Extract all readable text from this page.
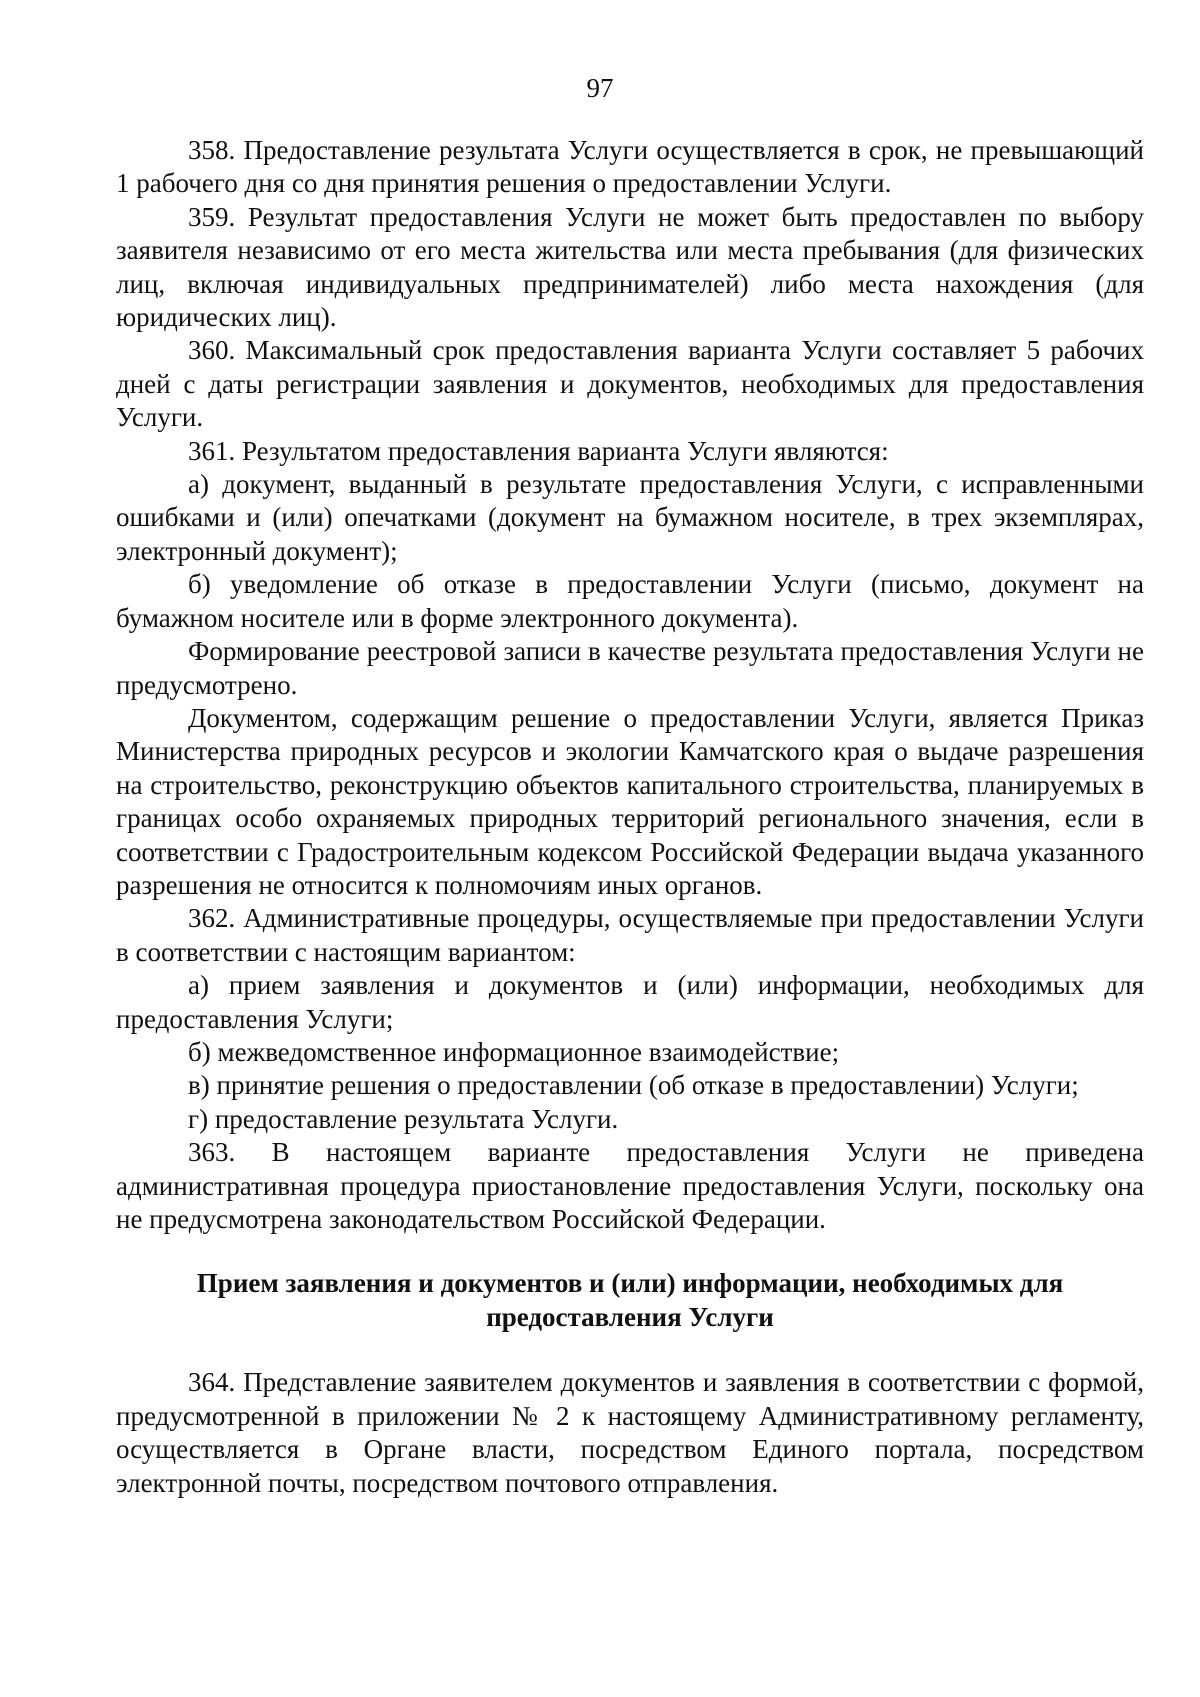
97

358. Предоставление результата Услуги осуществляется в срок, не превышающий 1 рабочего дня со дня принятия решения о предоставлении Услуги.

359. Результат предоставления Услуги не может быть предоставлен по выбору заявителя независимо от его места жительства или места пребывания (для физических лиц, включая индивидуальных предпринимателей) либо места нахождения (для юридических лиц).

360. Максимальный срок предоставления варианта Услуги составляет 5 рабочих дней с даты регистрации заявления и документов, необходимых для предоставления Услуги.

361. Результатом предоставления варианта Услуги являются:

а) документ, выданный в результате предоставления Услуги, с исправленными ошибками и (или) опечатками (документ на бумажном носителе, в трех экземплярах, электронный документ);

б) уведомление об отказе в предоставлении Услуги (письмо, документ на бумажном носителе или в форме электронного документа).

Формирование реестровой записи в качестве результата предоставления Услуги не предусмотрено.

Документом, содержащим решение о предоставлении Услуги, является Приказ Министерства природных ресурсов и экологии Камчатского края о выдаче разрешения на строительство, реконструкцию объектов капитального строительства, планируемых в границах особо охраняемых природных территорий регионального значения, если в соответствии с Градостроительным кодексом Российской Федерации выдача указанного разрешения не относится к полномочиям иных органов.

362. Административные процедуры, осуществляемые при предоставлении Услуги в соответствии с настоящим вариантом:

а) прием заявления и документов и (или) информации, необходимых для предоставления Услуги;

б) межведомственное информационное взаимодействие;

в) принятие решения о предоставлении (об отказе в предоставлении) Услуги;

г) предоставление результата Услуги.

363. В настоящем варианте предоставления Услуги не приведена административная процедура приостановление предоставления Услуги, поскольку она не предусмотрена законодательством Российской Федерации.

Прием заявления и документов и (или) информации, необходимых для предоставления Услуги

364. Представление заявителем документов и заявления в соответствии с формой, предусмотренной в приложении № 2 к настоящему Административному регламенту, осуществляется в Органе власти, посредством Единого портала, посредством электронной почты, посредством почтового отправления.
